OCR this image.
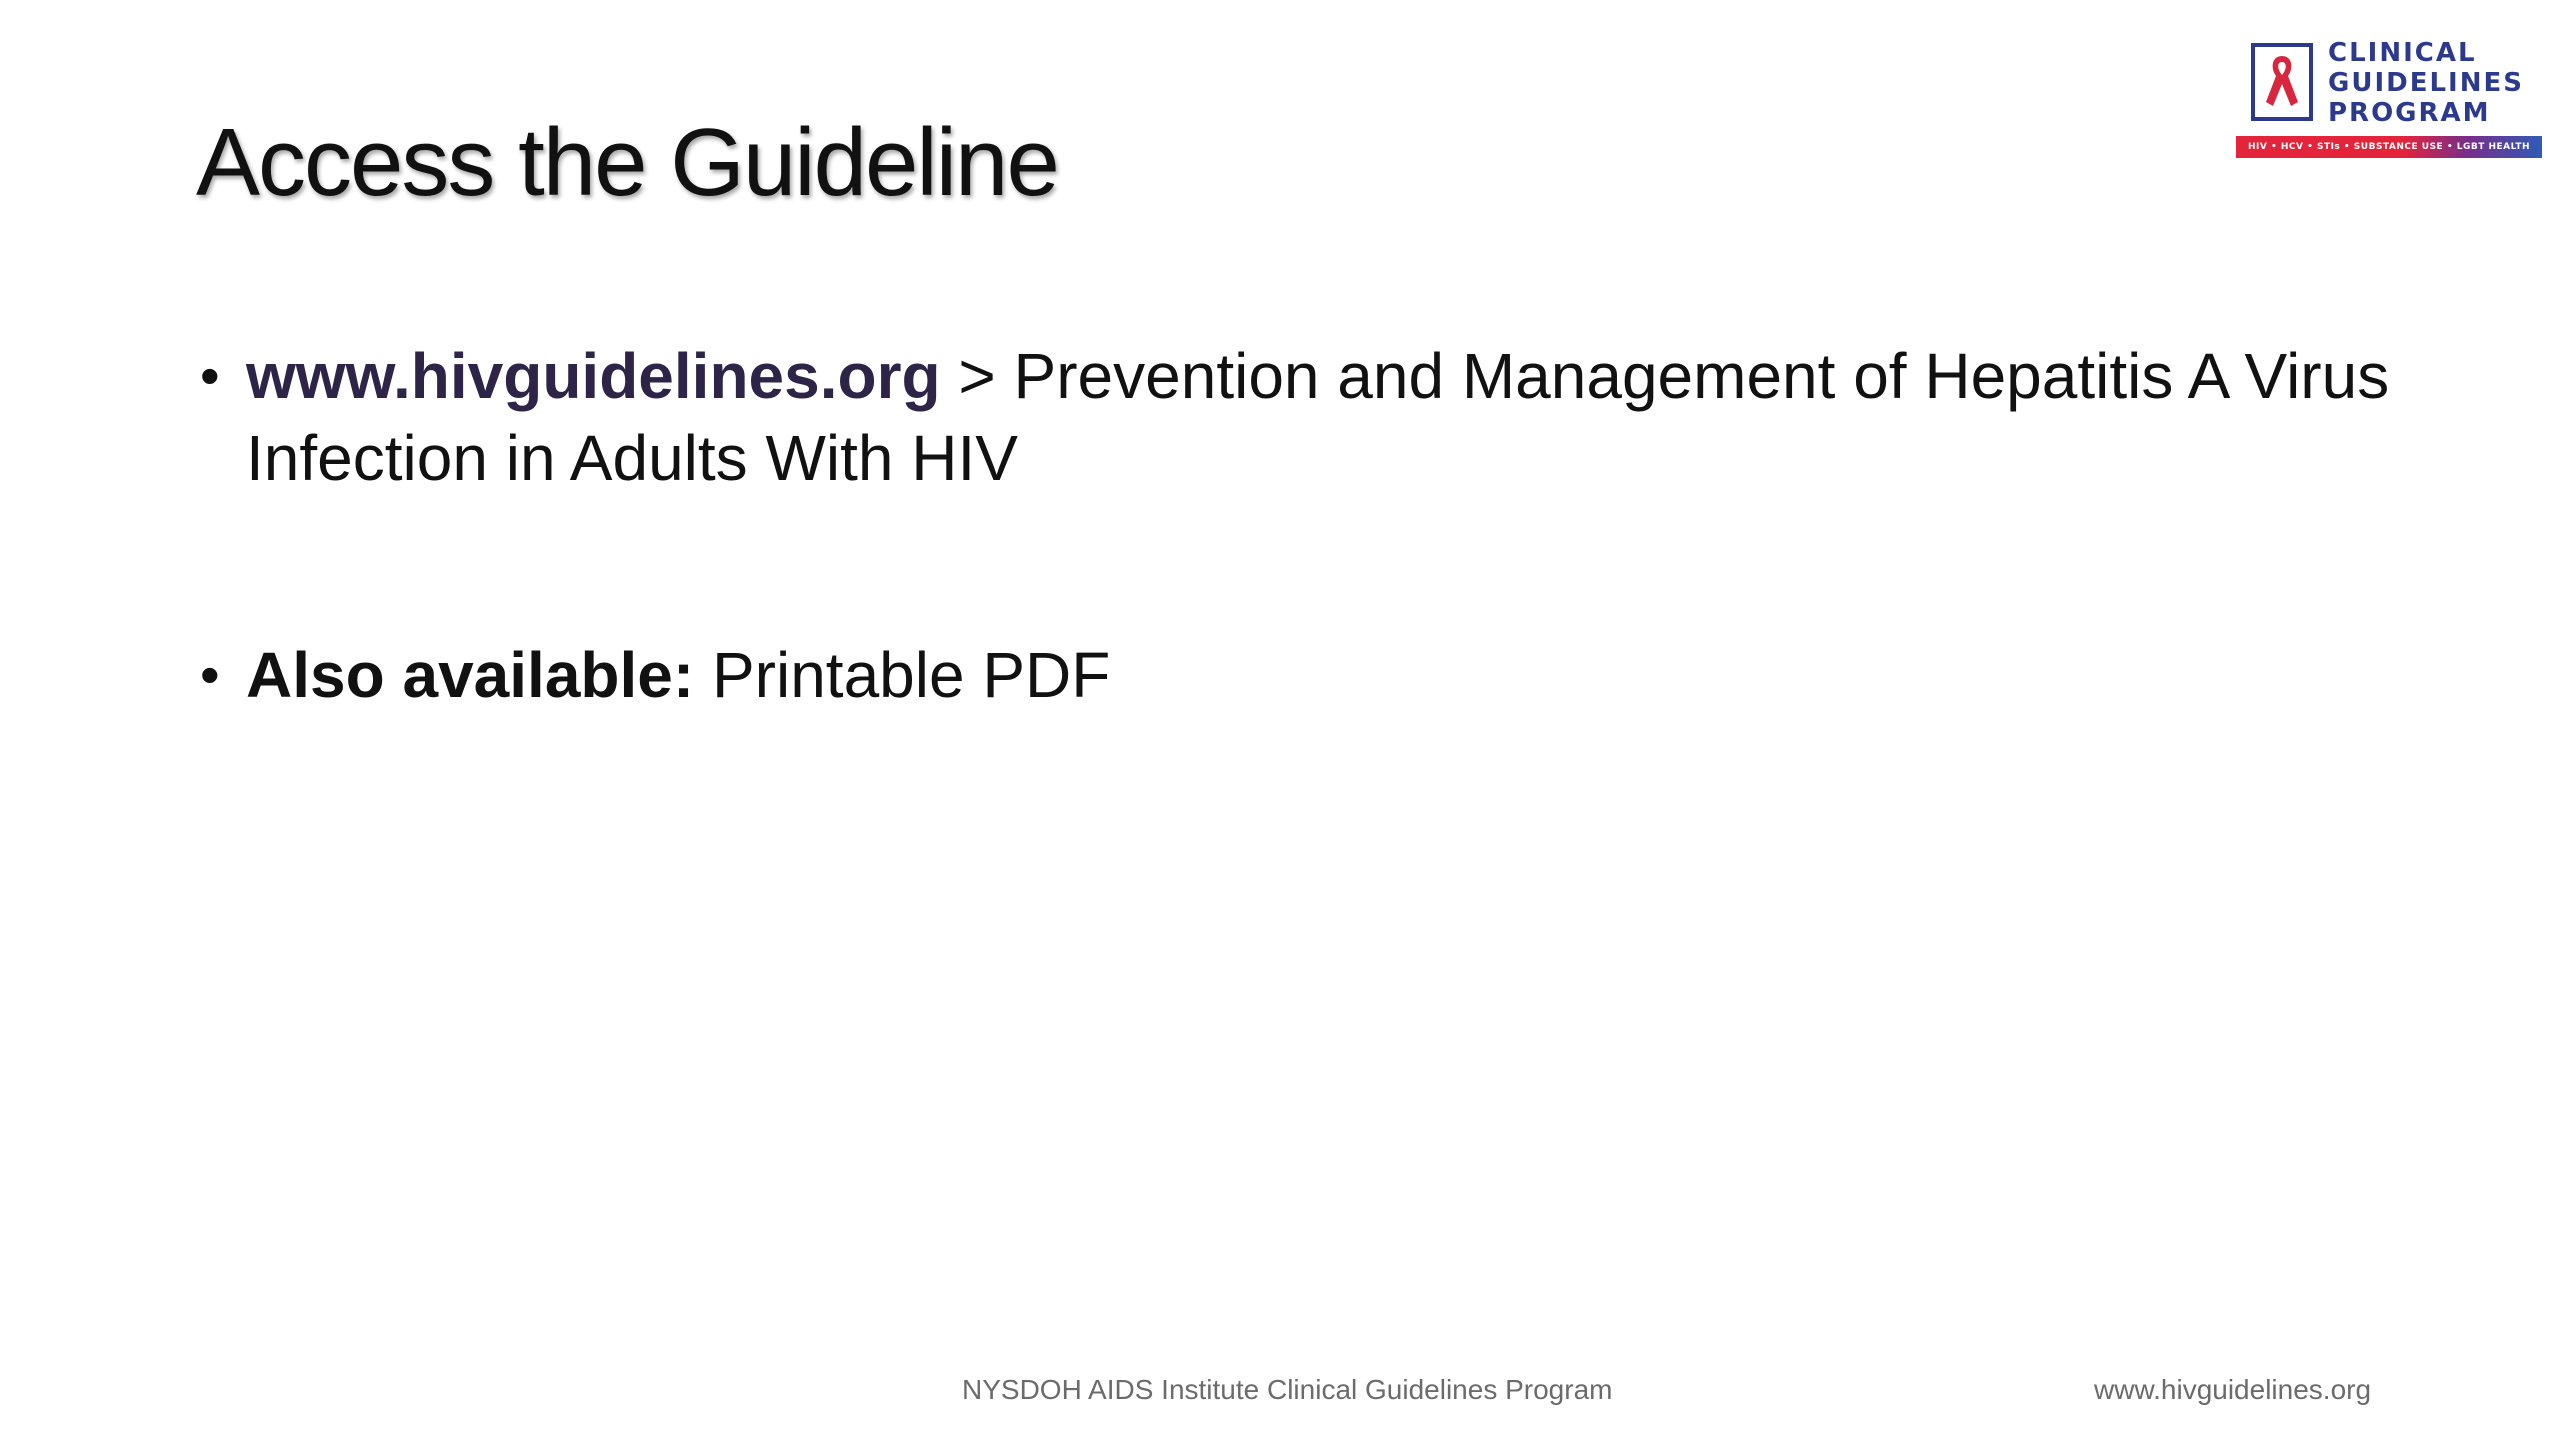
Access the Guideline
CLINICAL
GUIDELINES
PROGRAM
HIV • HCV • STIs • SUBSTANCE USE • LGBT HEALTH
• www.hivguidelines.org > Prevention and Management of Hepatitis A Virus Infection in Adults With HIV
• Also available: Printable PDF
NYSDOH AIDS Institute Clinical Guidelines Program	www.hivguidelines.org
